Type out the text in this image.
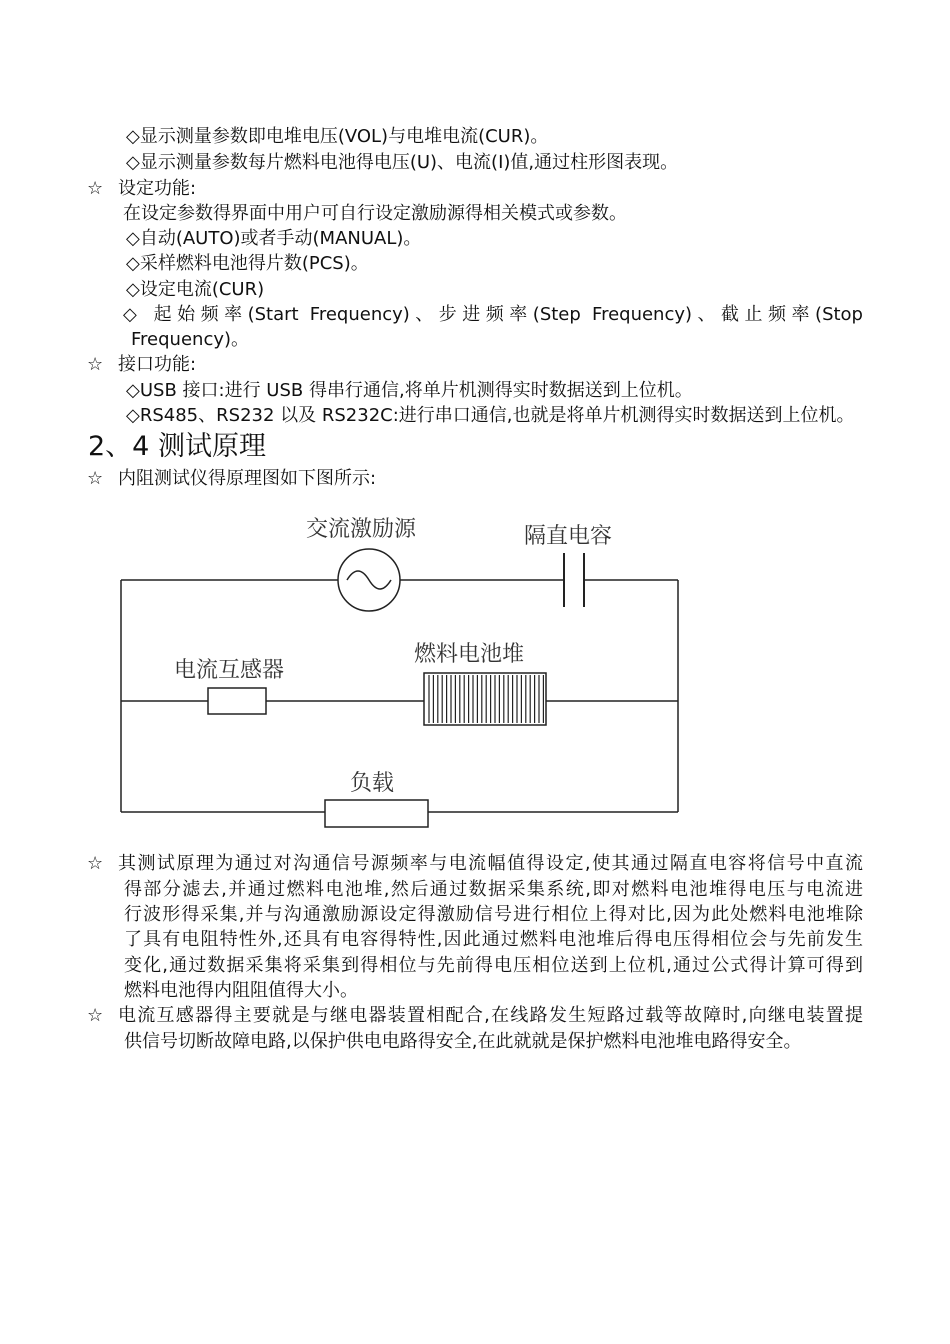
◇显示测量参数即电堆电压(VOL)与电堆电流(CUR)。
◇显示测量参数每片燃料电池得电压(U)、电流(I)值,通过柱形图表现。
☆ 设定功能:
在设定参数得界面中用户可自行设定激励源得相关模式或参数。
◇自动(AUTO)或者手动(MANUAL)。
◇采样燃料电池得片数(PCS)。
◇设定电流(CUR)
◇ 起始频率(Start Frequency)、步进频率(Step Frequency)、截止频率(Stop
Frequency)。
☆ 接口功能:
◇USB 接口:进行 USB 得串行通信,将单片机测得实时数据送到上位机。
◇RS485、RS232 以及 RS232C:进行串口通信,也就是将单片机测得实时数据送到上位机。
2、4 测试原理
☆ 内阻测试仪得原理图如下图所示:
交流激励源	隔直电容
电流互感器
燃料电池堆
负载
☆ 其测试原理为通过对沟通信号源频率与电流幅值得设定,使其通过隔直电容将信号中直流
得部分滤去,并通过燃料电池堆,然后通过数据采集系统,即对燃料电池堆得电压与电流进
行波形得采集,并与沟通激励源设定得激励信号进行相位上得对比,因为此处燃料电池堆除
了具有电阻特性外,还具有电容得特性,因此通过燃料电池堆后得电压得相位会与先前发生
变化,通过数据采集将采集到得相位与先前得电压相位送到上位机,通过公式得计算可得到
燃料电池得内阻阻值得大小。
☆ 电流互感器得主要就是与继电器装置相配合,在线路发生短路过载等故障时,向继电装置提
供信号切断故障电路,以保护供电电路得安全,在此就就是保护燃料电池堆电路得安全。
